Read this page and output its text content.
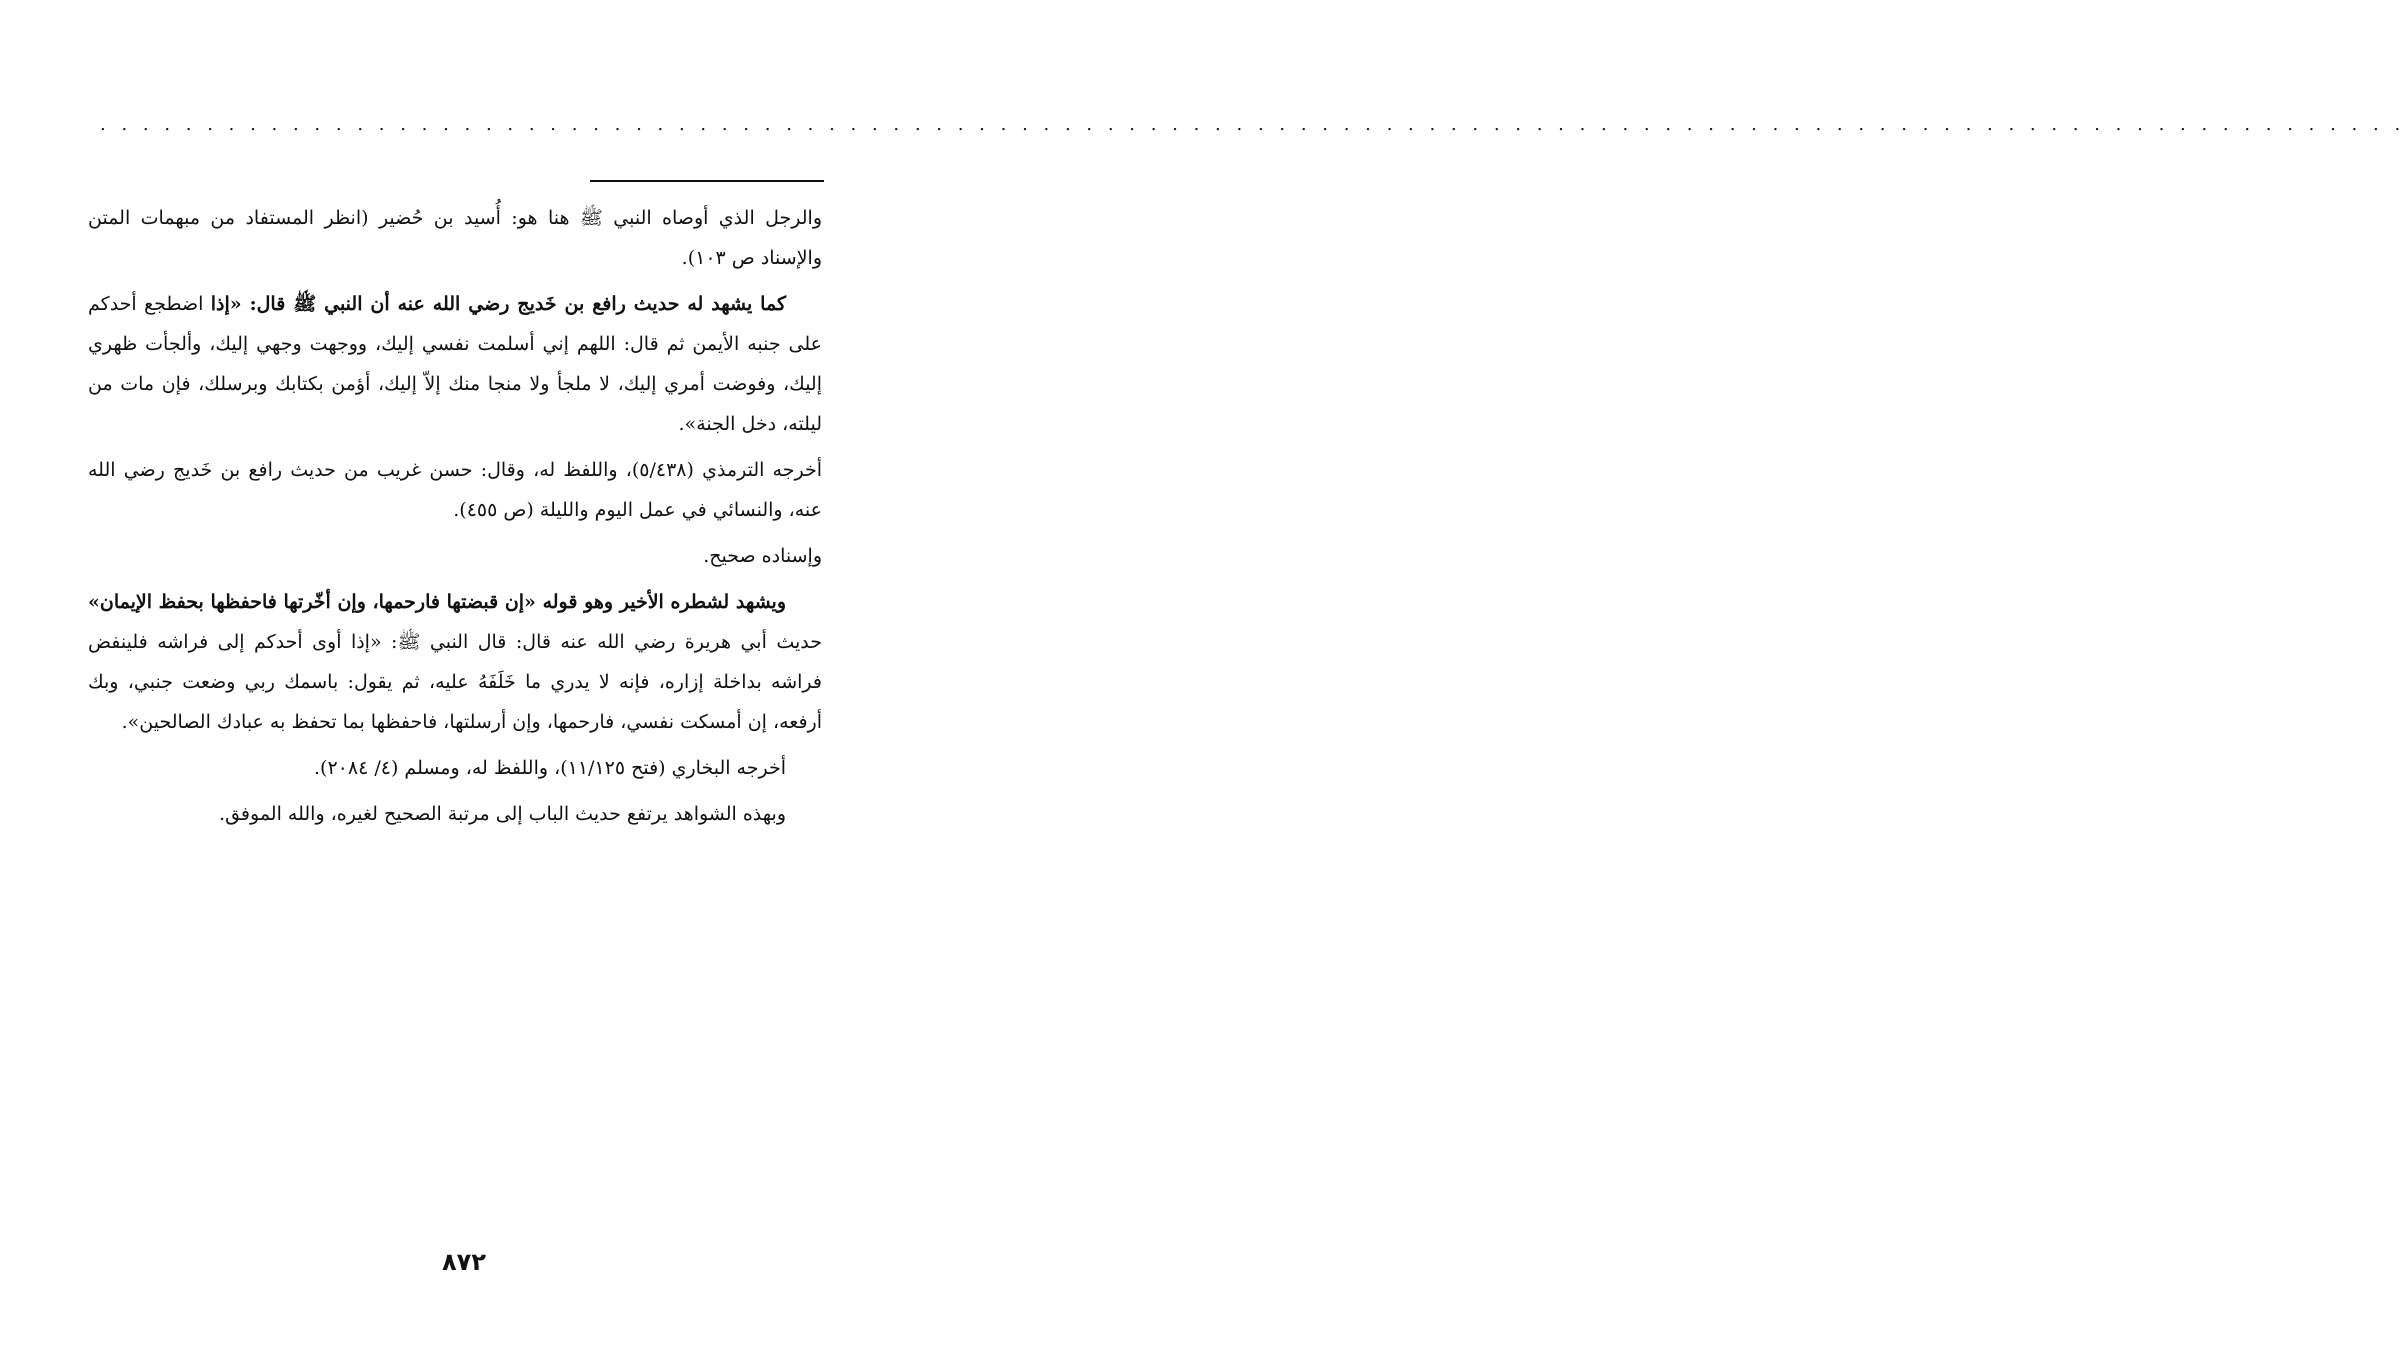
. . . . . . . . . . . . . . . . . . . . . . . . . . . . . . . . . . . . . . . . . . . . . . . . . . . . . . . . . . . . . . . . . . . . . . . . . . . . . . . . . . . . . . . . . . . . . . . . . . . . . . . . . . . .

والرجل الذي أوصاه النبي ﷺ هنا هو: أُسيد بن حُضير (انظر المستفاد من مبهمات المتن والإسناد ص ١٠٣).

كما يشهد له حديث رافع بن خَديج رضي الله عنه أن النبي ﷺ قال: «إذا اضطجع أحدكم على جنبه الأيمن ثم قال: اللهم إني أسلمت نفسي إليك، ووجهت وجهي إليك، وألجأت ظهري إليك، وفوضت أمري إليك، لا ملجأ ولا منجا منك إلاّ إليك، أؤمن بكتابك وبرسلك، فإن مات من ليلته، دخل الجنة».

أخرجه الترمذي (٥/٤٣٨)، واللفظ له، وقال: حسن غريب من حديث رافع بن خَديج رضي الله عنه، والنسائي في عمل اليوم والليلة (ص ٤٥٥).

وإسناده صحيح.

ويشهد لشطره الأخير وهو قوله «إن قبضتها فارحمها، وإن أخّرتها فاحفظها بحفظ الإيمان» حديث أبي هريرة رضي الله عنه قال: قال النبي ﷺ: «إذا أوى أحدكم إلى فراشه فلينفض فراشه بداخلة إزاره، فإنه لا يدري ما خَلَفَهُ عليه، ثم يقول: باسمك ربي وضعت جنبي، وبك أرفعه، إن أمسكت نفسي، فارحمها، وإن أرسلتها، فاحفظها بما تحفظ به عبادك الصالحين».

أخرجه البخاري (فتح ١١/١٢٥)، واللفظ له، ومسلم (٤/ ٢٠٨٤).

وبهذه الشواهد يرتفع حديث الباب إلى مرتبة الصحيح لغيره، والله الموفق.

٨٧٢
